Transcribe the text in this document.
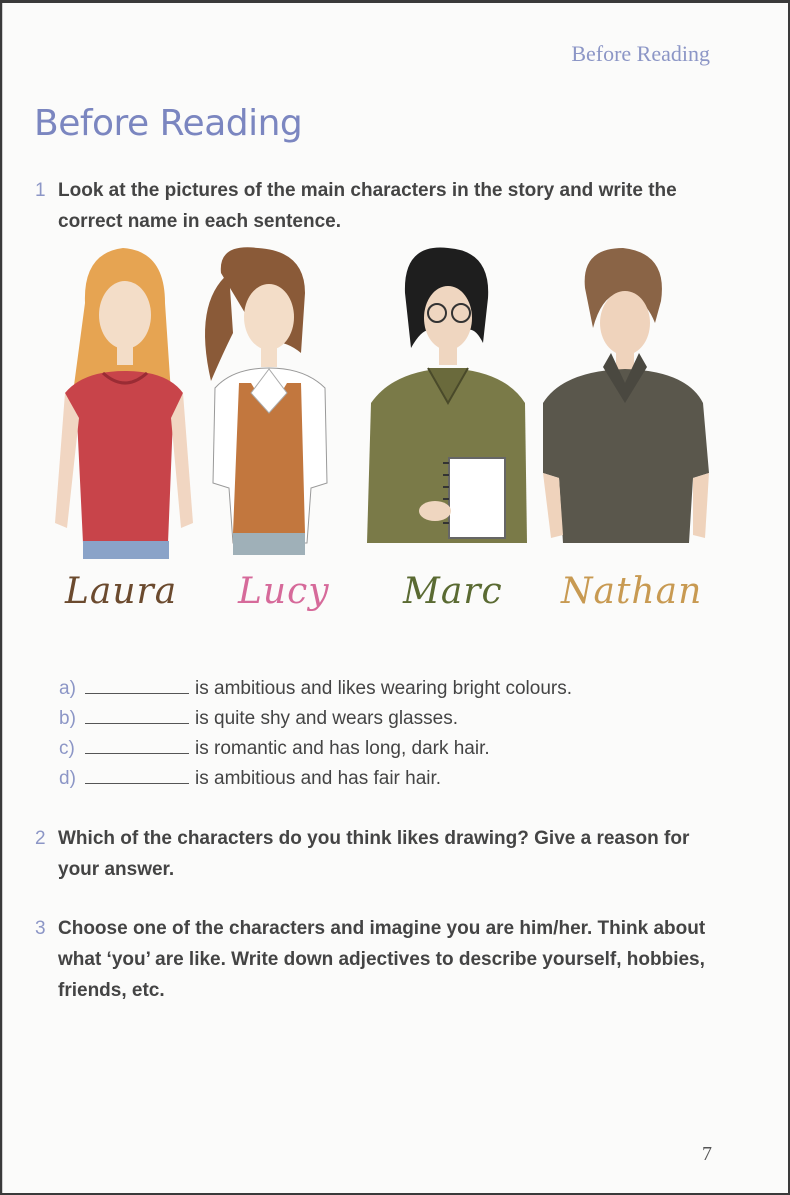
Before Reading
Before Reading
1 Look at the pictures of the main characters in the story and write the correct name in each sentence.
Laura Lucy Marc Nathan
a)	is ambitious and likes wearing bright colours.
b)	is quite shy and wears glasses.
c)	is romantic and has long, dark hair.
d)	is ambitious and has fair hair.
2 Which of the characters do you think likes drawing? Give a reason for your answer.
3 Choose one of the characters and imagine you are him/her. Think about what ‘you’ are like. Write down adjectives to describe yourself, hobbies, friends, etc.
7
